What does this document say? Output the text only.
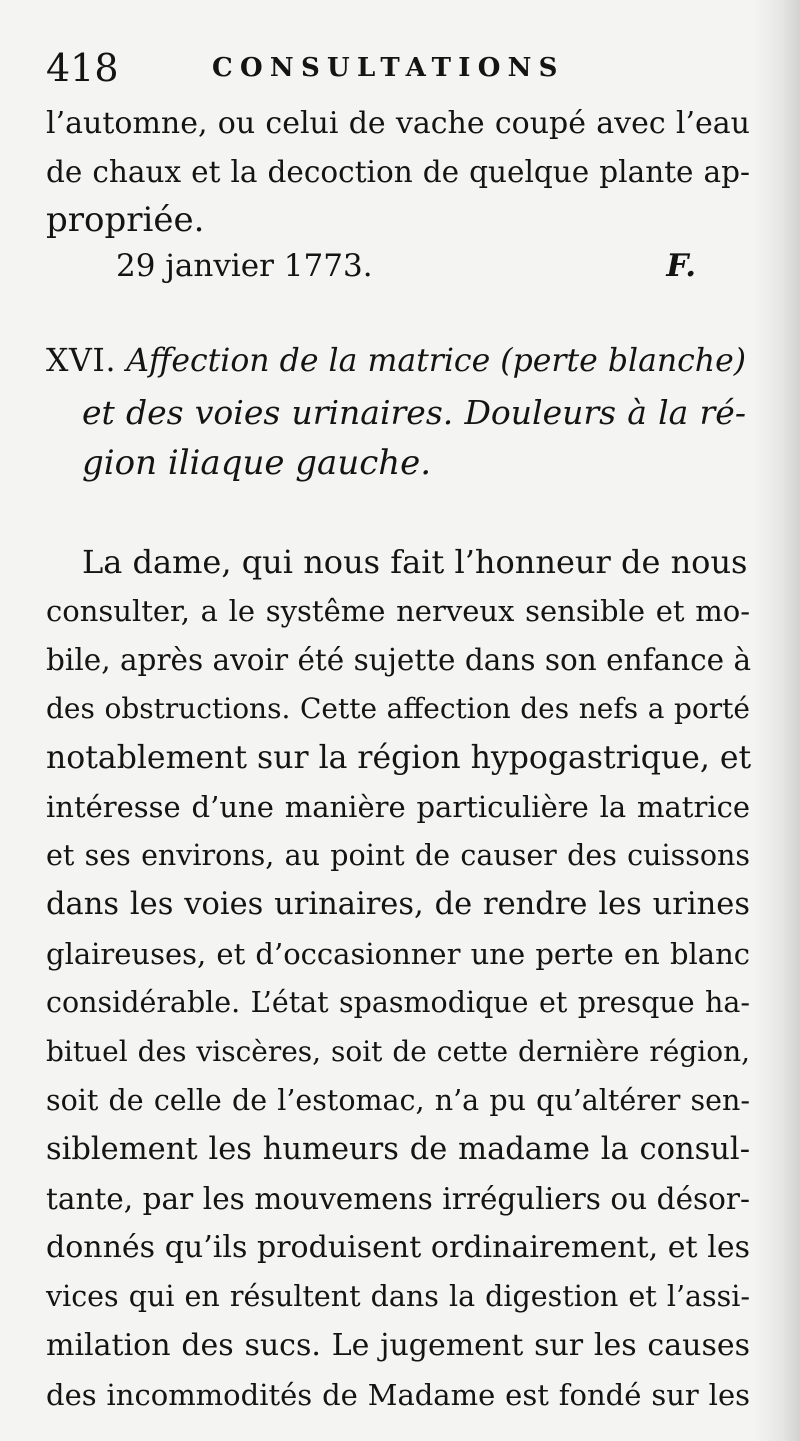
418	CONSULTATIONS
l’automne, ou celui de vache coupé avec l’eau
de chaux et la decoction de quelque plante ap-
propriée.
29 janvier 1773.	F.
XVI. Affection de la matrice (perte blanche)
et des voies urinaires. Douleurs à la ré-
gion iliaque gauche.
La dame, qui nous fait l’honneur de nous
consulter, a le systême nerveux sensible et mo-
bile, après avoir été sujette dans son enfance à
des obstructions. Cette affection des nefs a porté
notablement sur la région hypogastrique, et
intéresse d’une manière particulière la matrice
et ses environs, au point de causer des cuissons
dans les voies urinaires, de rendre les urines
glaireuses, et d’occasionner une perte en blanc
considérable. L’état spasmodique et presque ha-
bituel des viscères, soit de cette dernière région,
soit de celle de l’estomac, n’a pu qu’altérer sen-
siblement les humeurs de madame la consul-
tante, par les mouvemens irréguliers ou désor-
donnés qu’ils produisent ordinairement, et les
vices qui en résultent dans la digestion et l’assi-
milation des sucs. Le jugement sur les causes
des incommodités de Madame est fondé sur les
